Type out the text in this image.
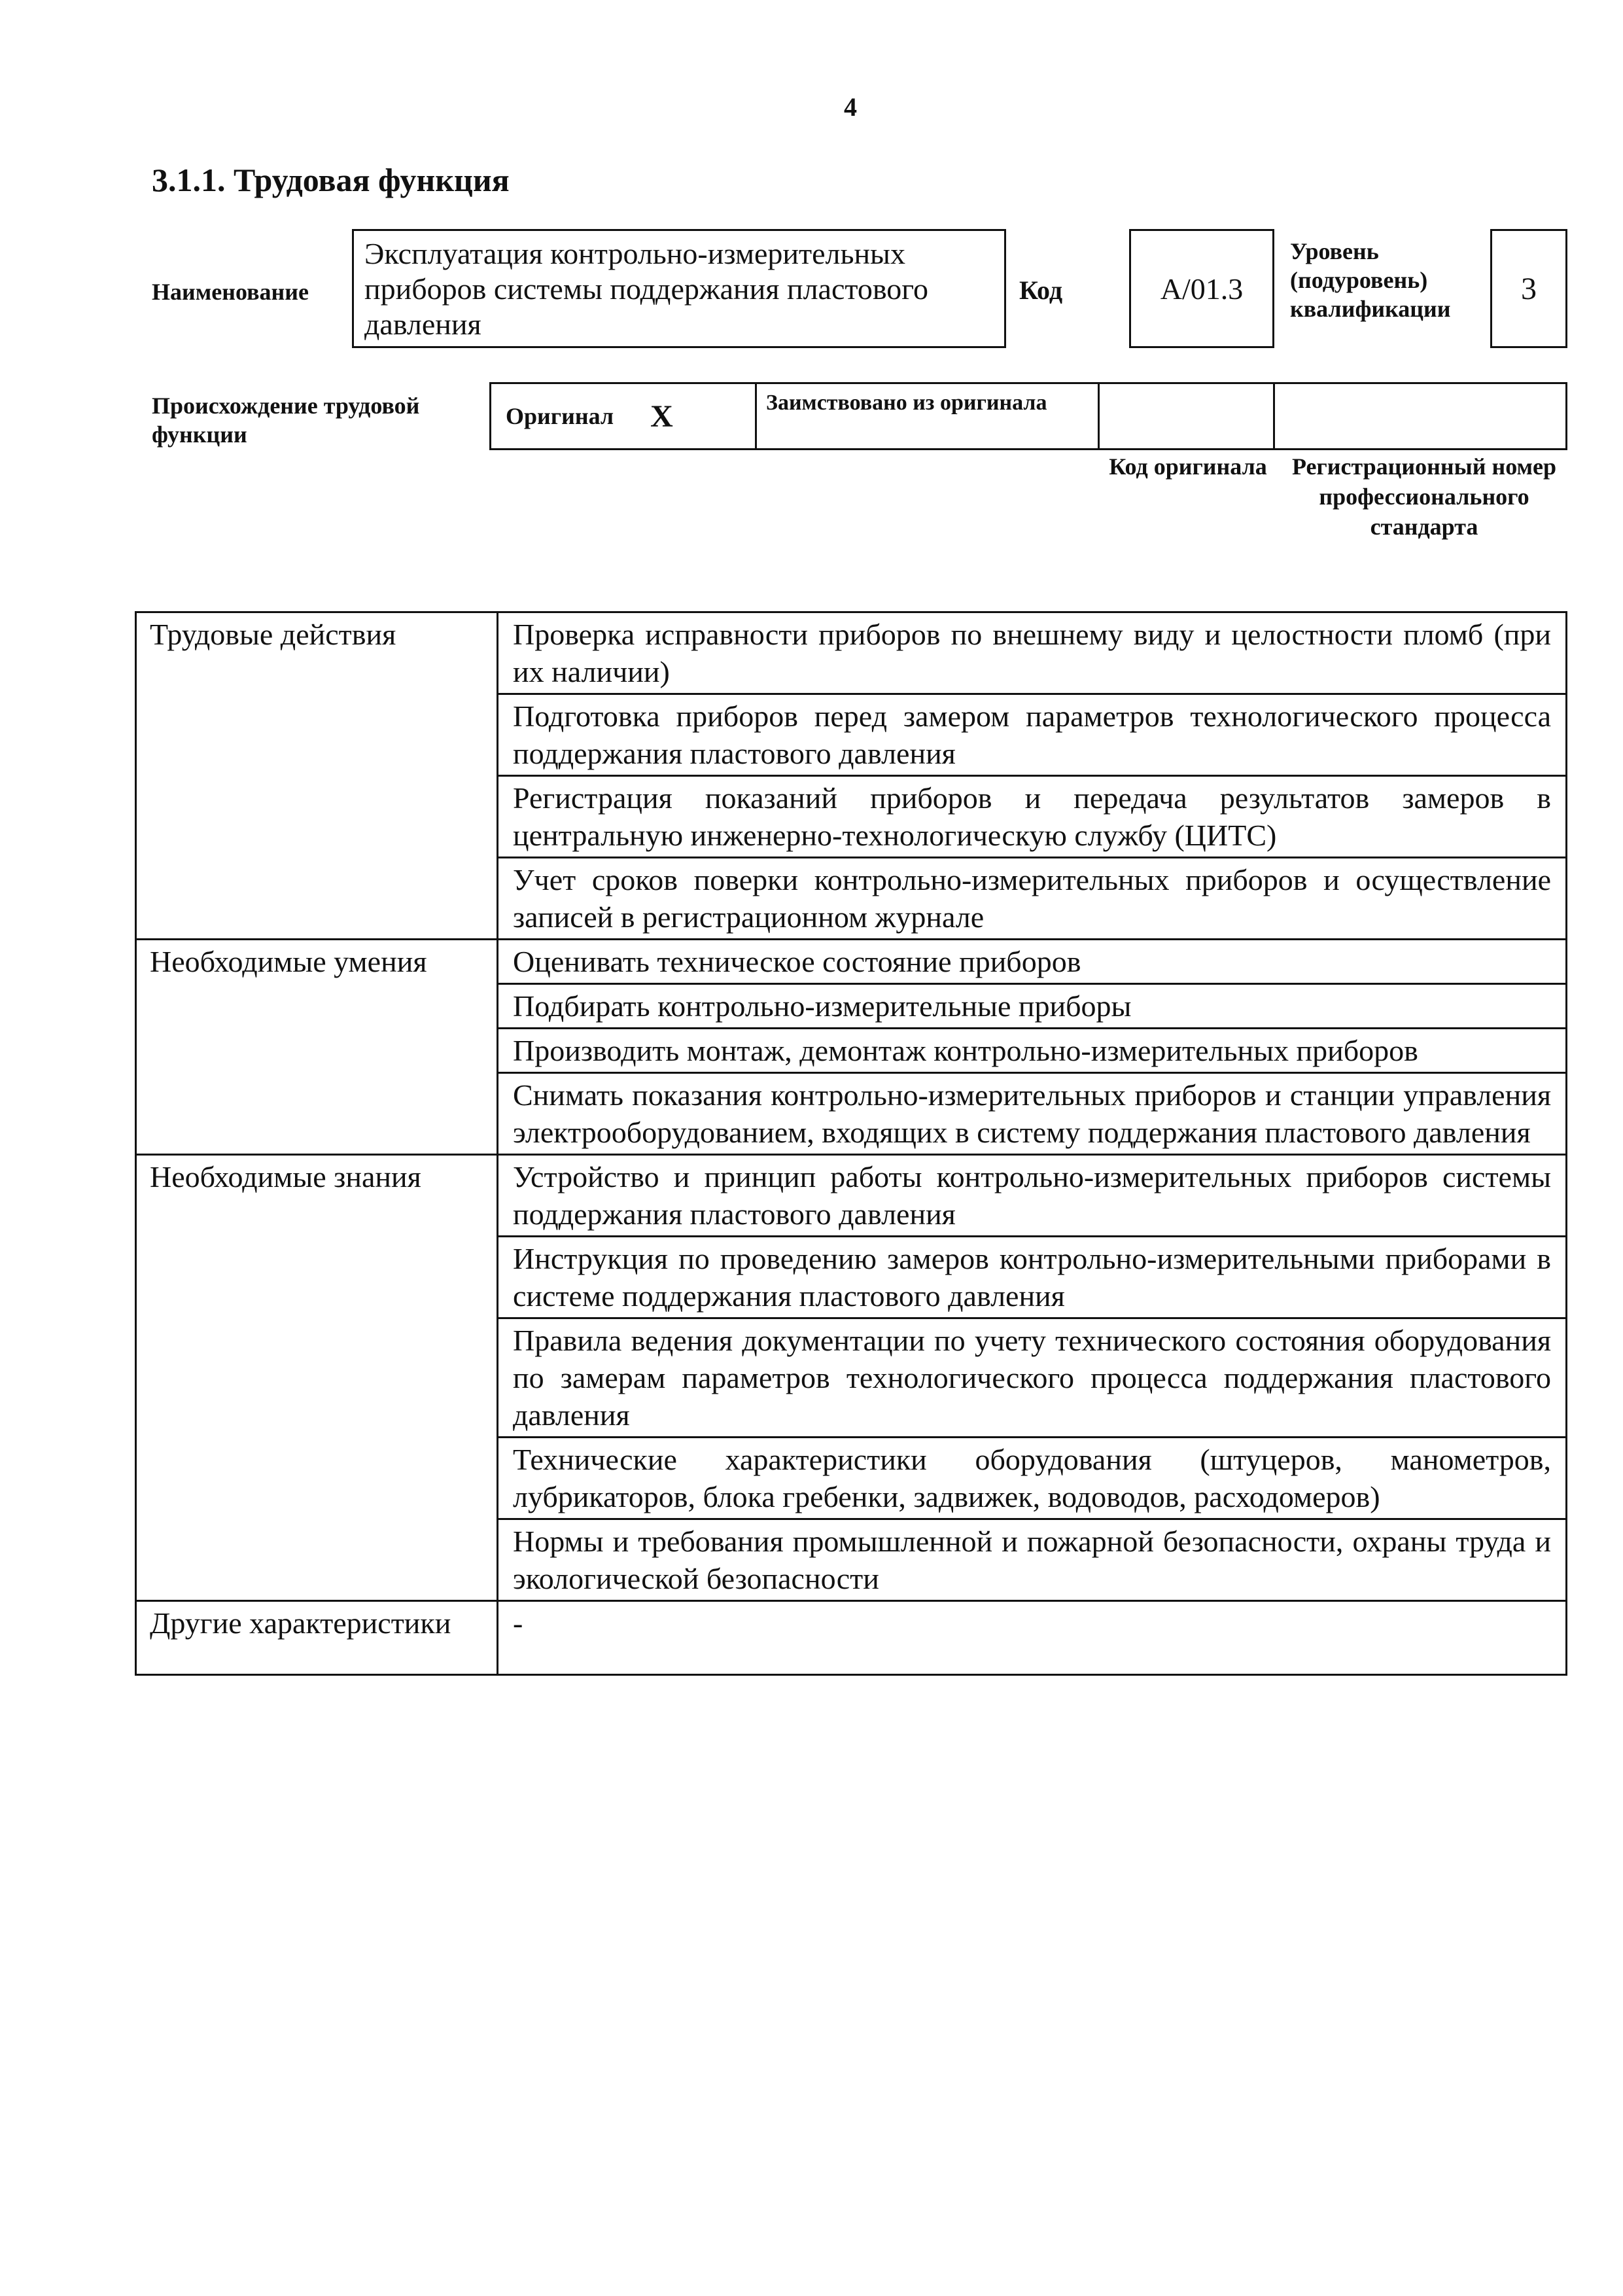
4
3.1.1. Трудовая функция
Наименование
Эксплуатация контрольно-измерительных приборов системы поддержания пластового давления
Код	A/01.3
Уровень (подуровень) квалификации
3
Происхождение трудовой функции
Оригинал X	Заимствовано из оригинала
Код оригинала	Регистрационный номер профессионального стандарта
Трудовые действия	Проверка исправности приборов по внешнему виду и целостности пломб (при их наличии)
	Подготовка приборов перед замером параметров технологического процесса поддержания пластового давления
	Регистрация показаний приборов и передача результатов замеров в центральную инженерно-технологическую службу (ЦИТС)
	Учет сроков поверки контрольно-измерительных приборов и осуществление записей в регистрационном журнале
Необходимые умения	Оценивать техническое состояние приборов
	Подбирать контрольно-измерительные приборы
	Производить монтаж, демонтаж контрольно-измерительных приборов
	Снимать показания контрольно-измерительных приборов и станции управления электрооборудованием, входящих в систему поддержания пластового давления
Необходимые знания	Устройство и принцип работы контрольно-измерительных приборов системы поддержания пластового давления
	Инструкция по проведению замеров контрольно-измерительными приборами в системе поддержания пластового давления
	Правила ведения документации по учету технического состояния оборудования по замерам параметров технологического процесса поддержания пластового давления
	Технические характеристики оборудования (штуцеров, манометров, лубрикаторов, блока гребенки, задвижек, водоводов, расходомеров)
	Нормы и требования промышленной и пожарной безопасности, охраны труда и экологической безопасности
Другие характеристики	-
